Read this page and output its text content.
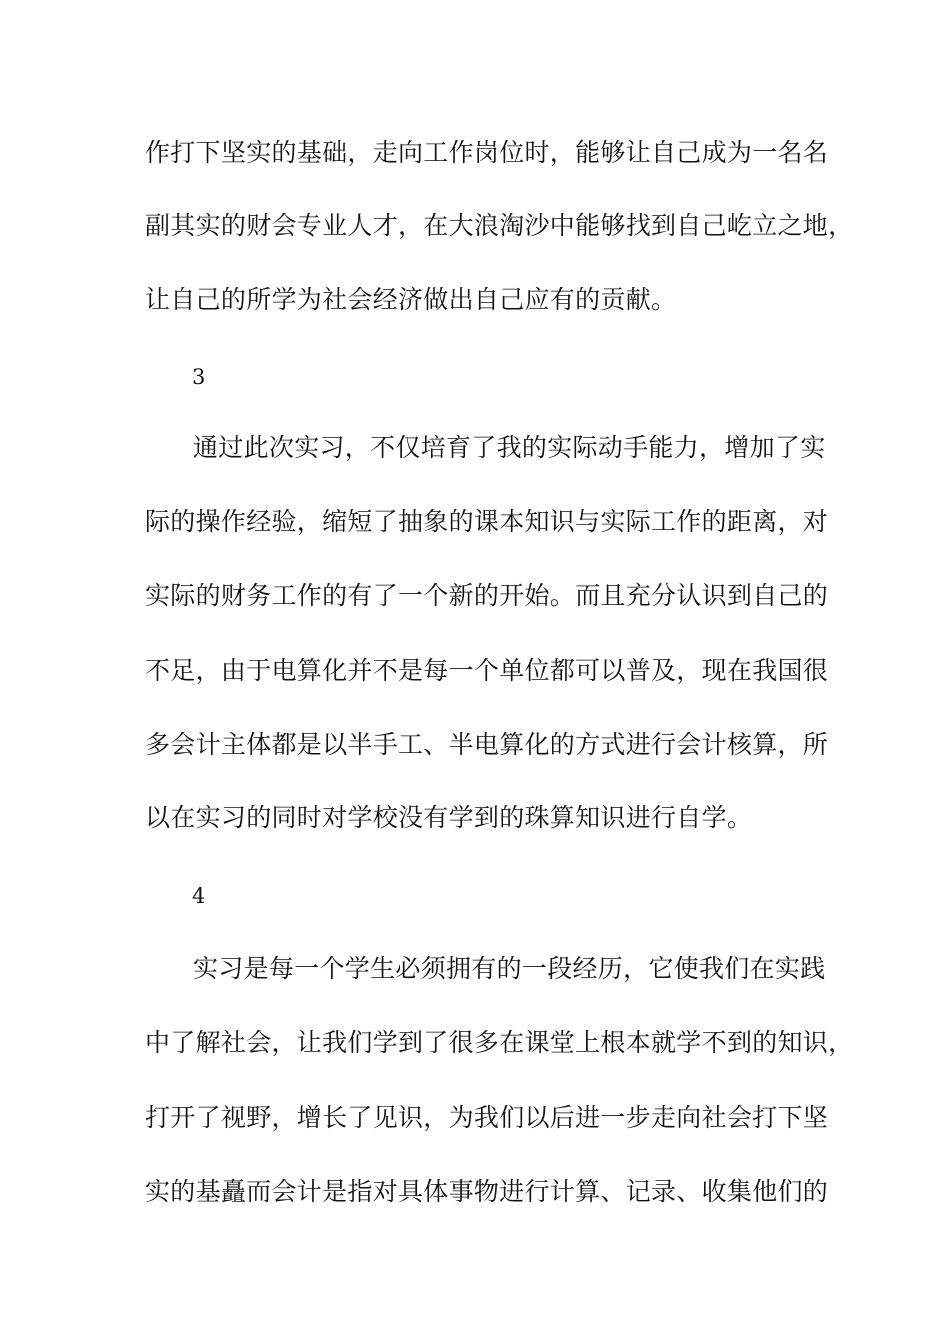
作打下坚实的基础，走向工作岗位时，能够让自己成为一名名
副其实的财会专业人才，在大浪淘沙中能够找到自己屹立之地，
让自己的所学为社会经济做出自己应有的贡献。
3
通过此次实习，不仅培育了我的实际动手能力，增加了实
际的操作经验，缩短了抽象的课本知识与实际工作的距离，对
实际的财务工作的有了一个新的开始。而且充分认识到自己的
不足，由于电算化并不是每一个单位都可以普及，现在我国很
多会计主体都是以半手工、半电算化的方式进行会计核算，所
以在实习的同时对学校没有学到的珠算知识进行自学。
4
实习是每一个学生必须拥有的一段经历，它使我们在实践
中了解社会，让我们学到了很多在课堂上根本就学不到的知识，
打开了视野，增长了见识，为我们以后进一步走向社会打下坚
实的基矗而会计是指对具体事物进行计算、记录、收集他们的
